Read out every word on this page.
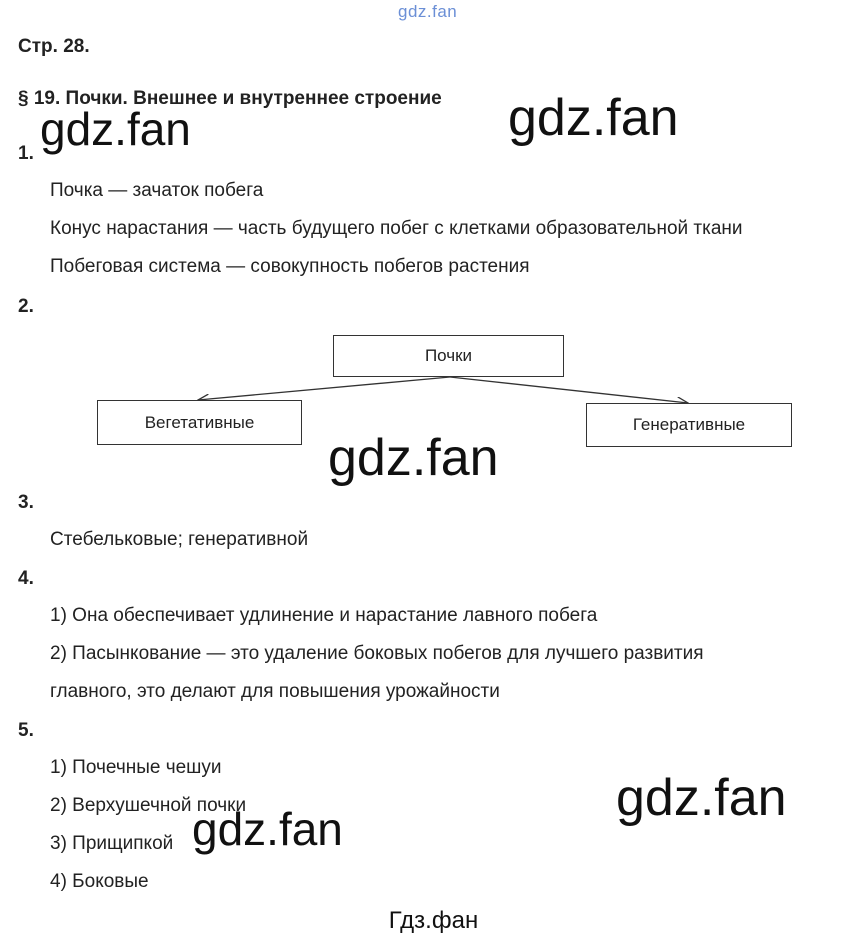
gdz.fan
Стр. 28.
§ 19. Почки. Внешнее и внутреннее строение
1.
Почка — зачаток побега
Конус нарастания — часть будущего побег с клетками образовательной ткани
Побеговая система — совокупность побегов растения
2.
Почки
Вегетативные	Генеративные
3.
Стебельковые; генеративной
4.
1) Она обеспечивает удлинение и нарастание лавного побега
2) Пасынкование — это удаление боковых побегов для лучшего развития
главного, это делают для повышения урожайности
5.
1) Почечные чешуи
2) Верхушечной почки
3) Прищипкой
4) Боковые
gdz.fan	gdz.fan
gdz.fan
gdz.fan
gdz.fan
Гдз.фан
